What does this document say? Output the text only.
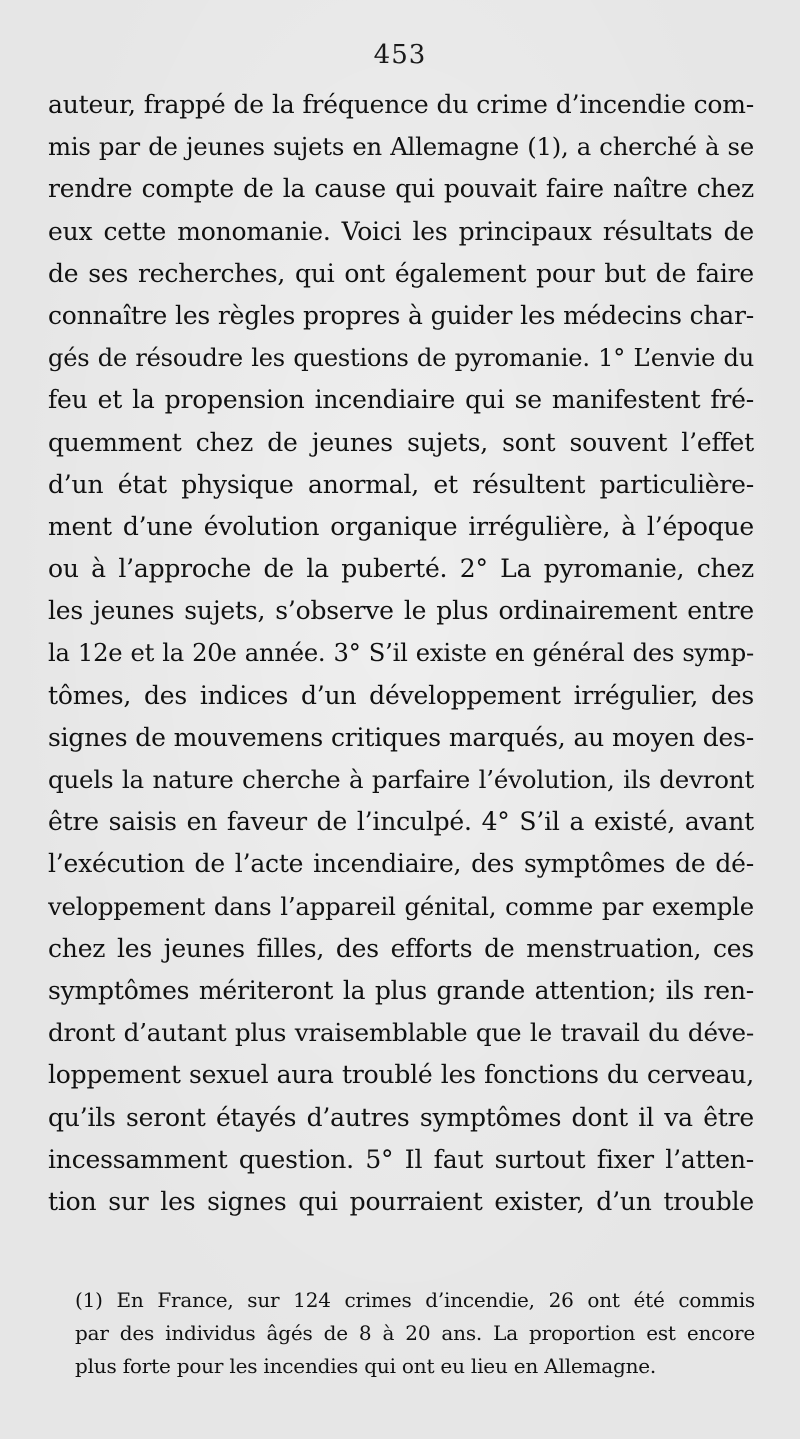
453
auteur, frappé de la fréquence du crime d’incendie com-
mis par de jeunes sujets en Allemagne (1), a cherché à se
rendre compte de la cause qui pouvait faire naître chez
eux cette monomanie. Voici les principaux résultats de
de ses recherches, qui ont également pour but de faire
connaître les règles propres à guider les médecins char-
gés de résoudre les questions de pyromanie. 1° L’envie du
feu et la propension incendiaire qui se manifestent fré-
quemment chez de jeunes sujets, sont souvent l’effet
d’un état physique anormal, et résultent particulière-
ment d’une évolution organique irrégulière, à l’époque
ou à l’approche de la puberté. 2° La pyromanie, chez
les jeunes sujets, s’observe le plus ordinairement entre
la 12e et la 20e année. 3° S’il existe en général des symp-
tômes, des indices d’un développement irrégulier, des
signes de mouvemens critiques marqués, au moyen des-
quels la nature cherche à parfaire l’évolution, ils devront
être saisis en faveur de l’inculpé. 4° S’il a existé, avant
l’exécution de l’acte incendiaire, des symptômes de dé-
veloppement dans l’appareil génital, comme par exemple
chez les jeunes filles, des efforts de menstruation, ces
symptômes mériteront la plus grande attention; ils ren-
dront d’autant plus vraisemblable que le travail du déve-
loppement sexuel aura troublé les fonctions du cerveau,
qu’ils seront étayés d’autres symptômes dont il va être
incessamment question. 5° Il faut surtout fixer l’atten-
tion sur les signes qui pourraient exister, d’un trouble
(1) En France, sur 124 crimes d’incendie, 26 ont été commis
par des individus âgés de 8 à 20 ans. La proportion est encore
plus forte pour les incendies qui ont eu lieu en Allemagne.
